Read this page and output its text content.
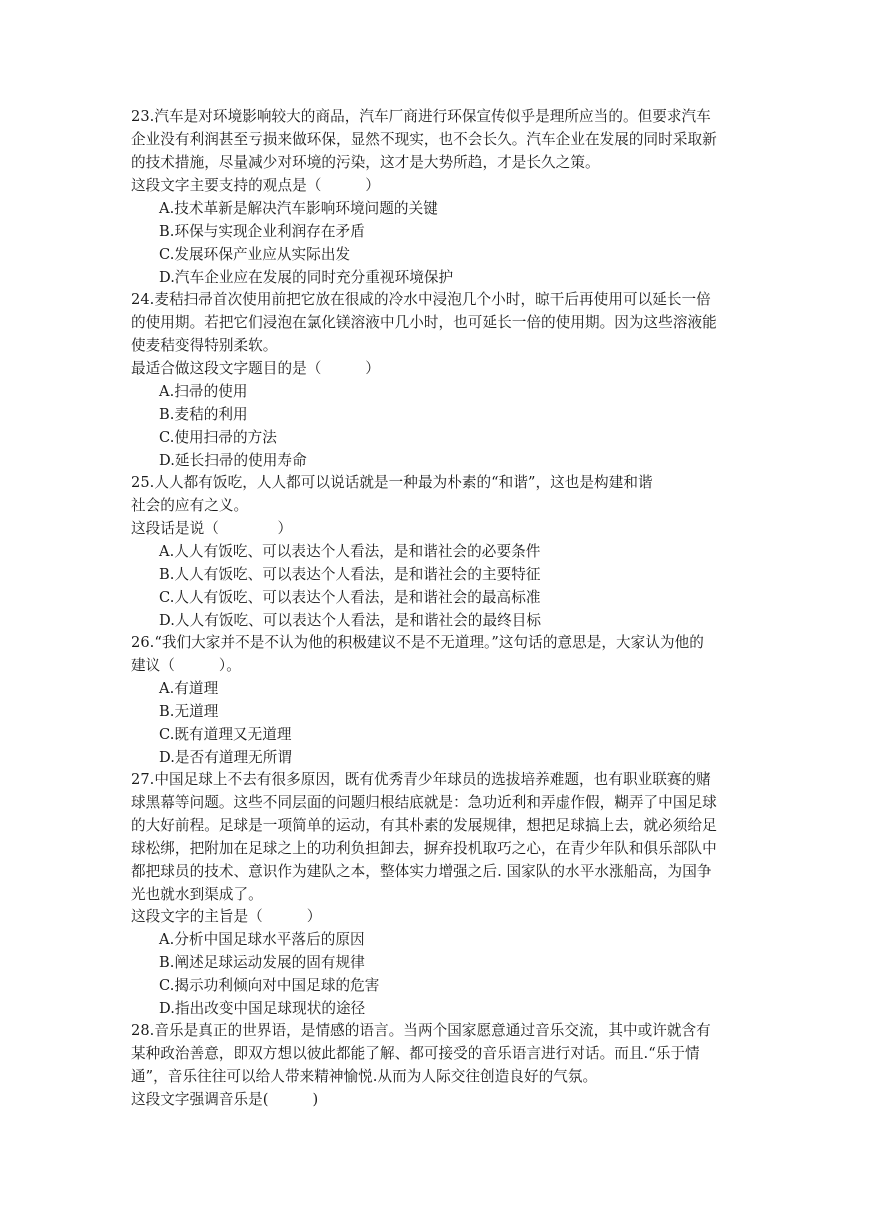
23.汽车是对环境影响较大的商品，汽车厂商进行环保宣传似乎是理所应当的。但要求汽车
企业没有利润甚至亏损来做环保，显然不现实，也不会长久。汽车企业在发展的同时采取新
的技术措施，尽量减少对环境的污染，这才是大势所趋，才是长久之策。
这段文字主要支持的观点是（　　　）
A.技术革新是解决汽车影响环境问题的关键
B.环保与实现企业利润存在矛盾
C.发展环保产业应从实际出发
D.汽车企业应在发展的同时充分重视环境保护
24.麦秸扫帚首次使用前把它放在很咸的冷水中浸泡几个小时，晾干后再使用可以延长一倍
的使用期。若把它们浸泡在氯化镁溶液中几小时，也可延长一倍的使用期。因为这些溶液能
使麦秸变得特别柔软。
最适合做这段文字题目的是（　　　）
A.扫帚的使用
B.麦秸的利用
C.使用扫帚的方法
D.延长扫帚的使用寿命
25.人人都有饭吃，人人都可以说话就是一种最为朴素的“和谐”，这也是构建和谐
社会的应有之义。
这段话是说（　　　　）
A.人人有饭吃、可以表达个人看法，是和谐社会的必要条件
B.人人有饭吃、可以表达个人看法，是和谐社会的主要特征
C.人人有饭吃、可以表达个人看法，是和谐社会的最高标准
D.人人有饭吃、可以表达个人看法，是和谐社会的最终目标
26.“我们大家并不是不认为他的积极建议不是不无道理。”这句话的意思是，大家认为他的
建议（　　　）。
A.有道理
B.无道理
C.既有道理又无道理
D.是否有道理无所谓
27.中国足球上不去有很多原因，既有优秀青少年球员的选拔培养难题，也有职业联赛的赌
球黑幕等问题。这些不同层面的问题归根结底就是：急功近利和弄虚作假，糊弄了中国足球
的大好前程。足球是一项简单的运动，有其朴素的发展规律，想把足球搞上去，就必须给足
球松绑，把附加在足球之上的功利负担卸去，摒弃投机取巧之心，在青少年队和俱乐部队中
都把球员的技术、意识作为建队之本，整体实力增强之后. 国家队的水平水涨船高，为国争
光也就水到渠成了。
这段文字的主旨是（　　　）
A.分析中国足球水平落后的原因
B.阐述足球运动发展的固有规律
C.揭示功利倾向对中国足球的危害
D.指出改变中国足球现状的途径
28.音乐是真正的世界语，是情感的语言。当两个国家愿意通过音乐交流，其中或许就含有
某种政治善意，即双方想以彼此都能了解、都可接受的音乐语言进行对话。而且.“乐于情
通”，音乐往往可以给人带来精神愉悦.从而为人际交往创造良好的气氛。
这段文字强调音乐是(　　　)
